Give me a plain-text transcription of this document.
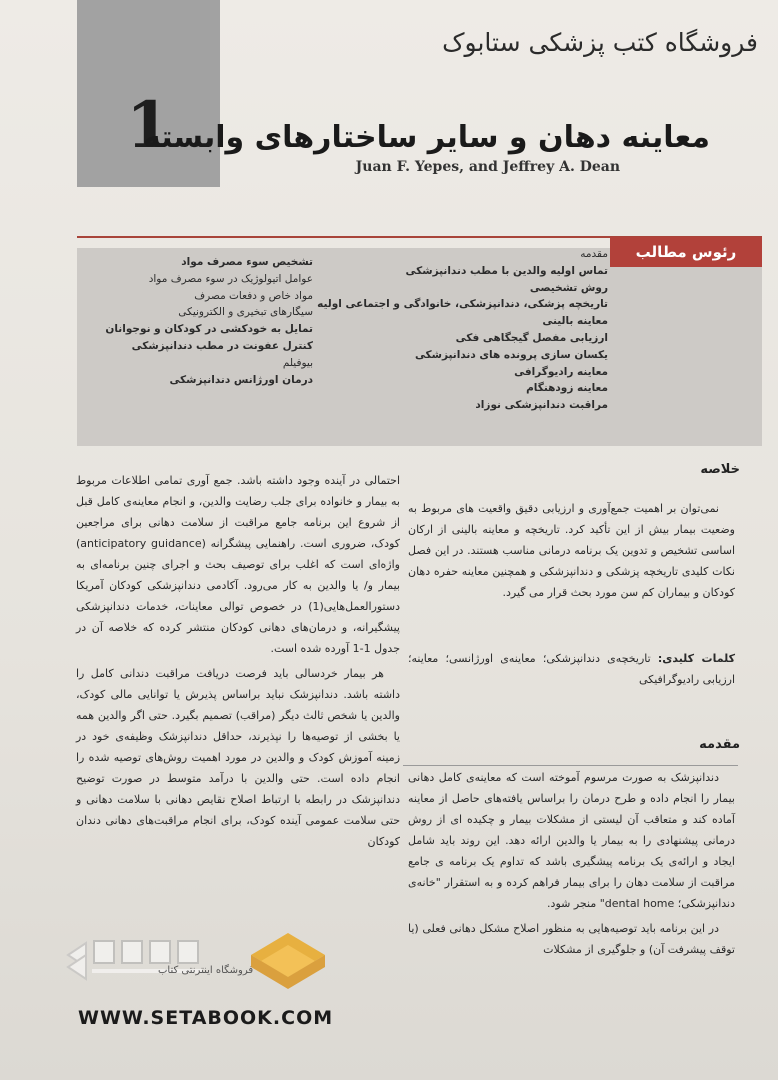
1
فروشگاه کتب پزشکی ستابوک
معاینه دهان و سایر ساختارهای وابسته
Juan F. Yepes, and Jeffrey A. Dean
رئوس مطالب
مقدمه
تماس اولیه والدین با مطب دندانپزشکی
روش تشخیصی
تاریخچه پزشکی، دندانپزشکی، خانوادگی و اجتماعی اولیه
معاینه بالینی
ارزیابی مفصل گیجگاهی فکی
یکسان سازی پرونده های دندانپزشکی
معاینه رادیوگرافی
معاینه زودهنگام
مراقبت دندانپزشکی نوزاد
تشخیص سوء مصرف مواد
عوامل اتیولوژیک در سوء مصرف مواد
مواد خاص و دفعات مصرف
سیگارهای تبخیری و الکترونیکی
تمایل به خودکشی در کودکان و نوجوانان
کنترل عفونت در مطب دندانپزشکی
بیوفیلم
درمان اورژانس دندانپزشکی
خلاصه

نمی‌توان بر اهمیت جمع‌آوری و ارزیابی دقیق واقعیت های مربوط به وضعیت بیمار بیش از این تأکید کرد. تاریخچه و معاینه بالینی از ارکان اساسی تشخیص و تدوین یک برنامه درمانی مناسب هستند. در این فصل نکات کلیدی تاریخچه پزشکی و دندانپزشکی و همچنین معاینه حفره دهان کودکان و بیماران کم سن مورد بحث قرار می گیرد.

کلمات کلیدی: تاریخچه‌ی دندانپزشکی؛ معاینه‌ی اورژانسی؛ معاینه؛ ارزیابی رادیوگرافیکی
مقدمه

دندانپزشک به صورت مرسوم آموخته است که معاینه‌ی کامل دهانی بیمار را انجام داده و طرح درمان را براساس یافته‌های حاصل از معاینه آماده کند و متعاقب آن لیستی از مشکلات بیمار و چکیده ای از روش درمانی پیشنهادی را به بیمار یا والدین ارائه دهد. این روند باید شامل ایجاد و ارائه‌ی یک برنامه پیشگیری باشد که تداوم یک برنامه ی جامع مراقبت از سلامت دهان را برای بیمار فراهم کرده و به استقرار "خانه‌ی دندانپزشکی؛ dental home" منجر شود.

در این برنامه باید توصیه‌هایی به منظور اصلاح مشکل دهانی فعلی (یا توقف پیشرفت آن) و جلوگیری از مشکلات

احتمالی در آینده وجود داشته باشد. جمع آوری تمامی اطلاعات مربوط به بیمار و خانواده برای جلب رضایت والدین، و انجام معاینه‌ی کامل قبل از شروع این برنامه جامع مراقبت از سلامت دهانی برای مراجعین کودک، ضروری است. راهنمایی پیشگرانه (anticipatory guidance) واژه‌ای است که اغلب برای توصیف بحث و اجرای چنین برنامه‌ای به بیمار و/ یا والدین به کار می‌رود. آکادمی دندانپزشکی کودکان آمریکا دستورالعمل‌هایی(1) در خصوص توالی معاینات، خدمات دندانپزشکی پیشگیرانه، و درمان‌های دهانی کودکان منتشر کرده که خلاصه آن در جدول 1-1 آورده شده است.

هر بیمار خردسالی باید فرصت دریافت مراقبت دندانی کامل را داشته باشد. دندانپزشک نباید براساس پذیرش یا توانایی مالی کودک، والدین یا شخص ثالث دیگر (مراقب) تصمیم بگیرد. حتی اگر والدین همه یا بخشی از توصیه‌ها را نپذیرند، حداقل دندانپزشک وظیفه‌ی خود در زمینه آموزش کودک و والدین در مورد اهمیت روش‌های توصیه شده را انجام داده است. حتی والدین با درآمد متوسط در صورت توضیح دندانپزشک در رابطه با ارتباط اصلاح نقایص دهانی با سلامت دهانی و حتی سلامت عمومی آینده کودک، برای انجام مراقبت‌های دهانی دندان کودکان

فروشگاه اینترنتی کتاب
WWW.SETABOOK.COM
